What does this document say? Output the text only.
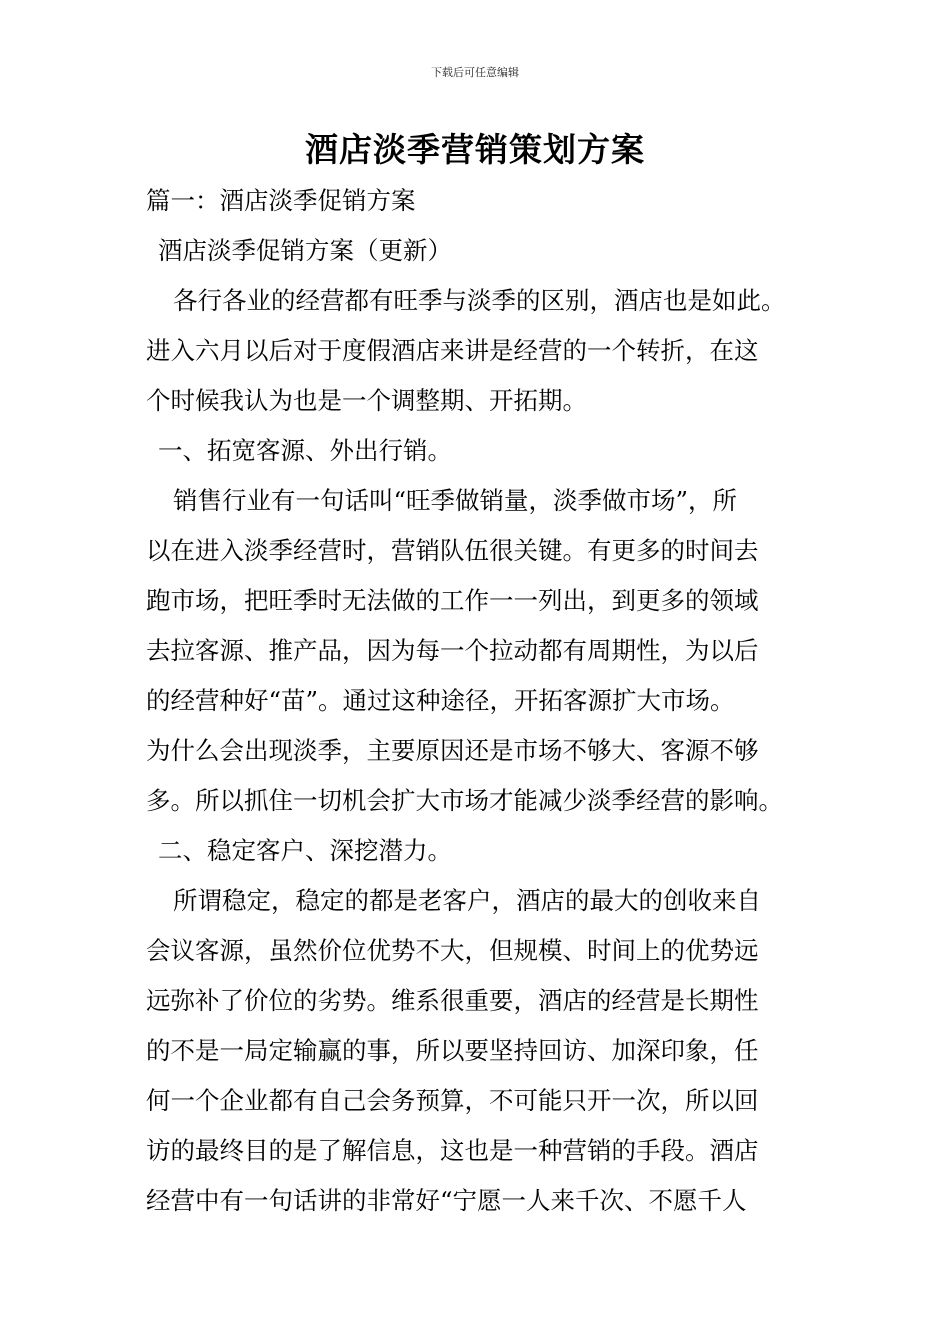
下载后可任意编辑
酒店淡季营销策划方案
篇一：酒店淡季促销方案
酒店淡季促销方案（更新）
各行各业的经营都有旺季与淡季的区别，酒店也是如此。
进入六月以后对于度假酒店来讲是经营的一个转折，在这
个时候我认为也是一个调整期、开拓期。
一、拓宽客源、外出行销。
销售行业有一句话叫“旺季做销量，淡季做市场”，所
以在进入淡季经营时，营销队伍很关键。有更多的时间去
跑市场，把旺季时无法做的工作一一列出，到更多的领域
去拉客源、推产品，因为每一个拉动都有周期性，为以后
的经营种好“苗”。通过这种途径，开拓客源扩大市场。
为什么会出现淡季，主要原因还是市场不够大、客源不够
多。所以抓住一切机会扩大市场才能减少淡季经营的影响。
二、稳定客户、深挖潜力。
所谓稳定，稳定的都是老客户，酒店的最大的创收来自
会议客源，虽然价位优势不大，但规模、时间上的优势远
远弥补了价位的劣势。维系很重要，酒店的经营是长期性
的不是一局定输赢的事，所以要坚持回访、加深印象，任
何一个企业都有自己会务预算，不可能只开一次，所以回
访的最终目的是了解信息，这也是一种营销的手段。酒店
经营中有一句话讲的非常好“宁愿一人来千次、不愿千人
